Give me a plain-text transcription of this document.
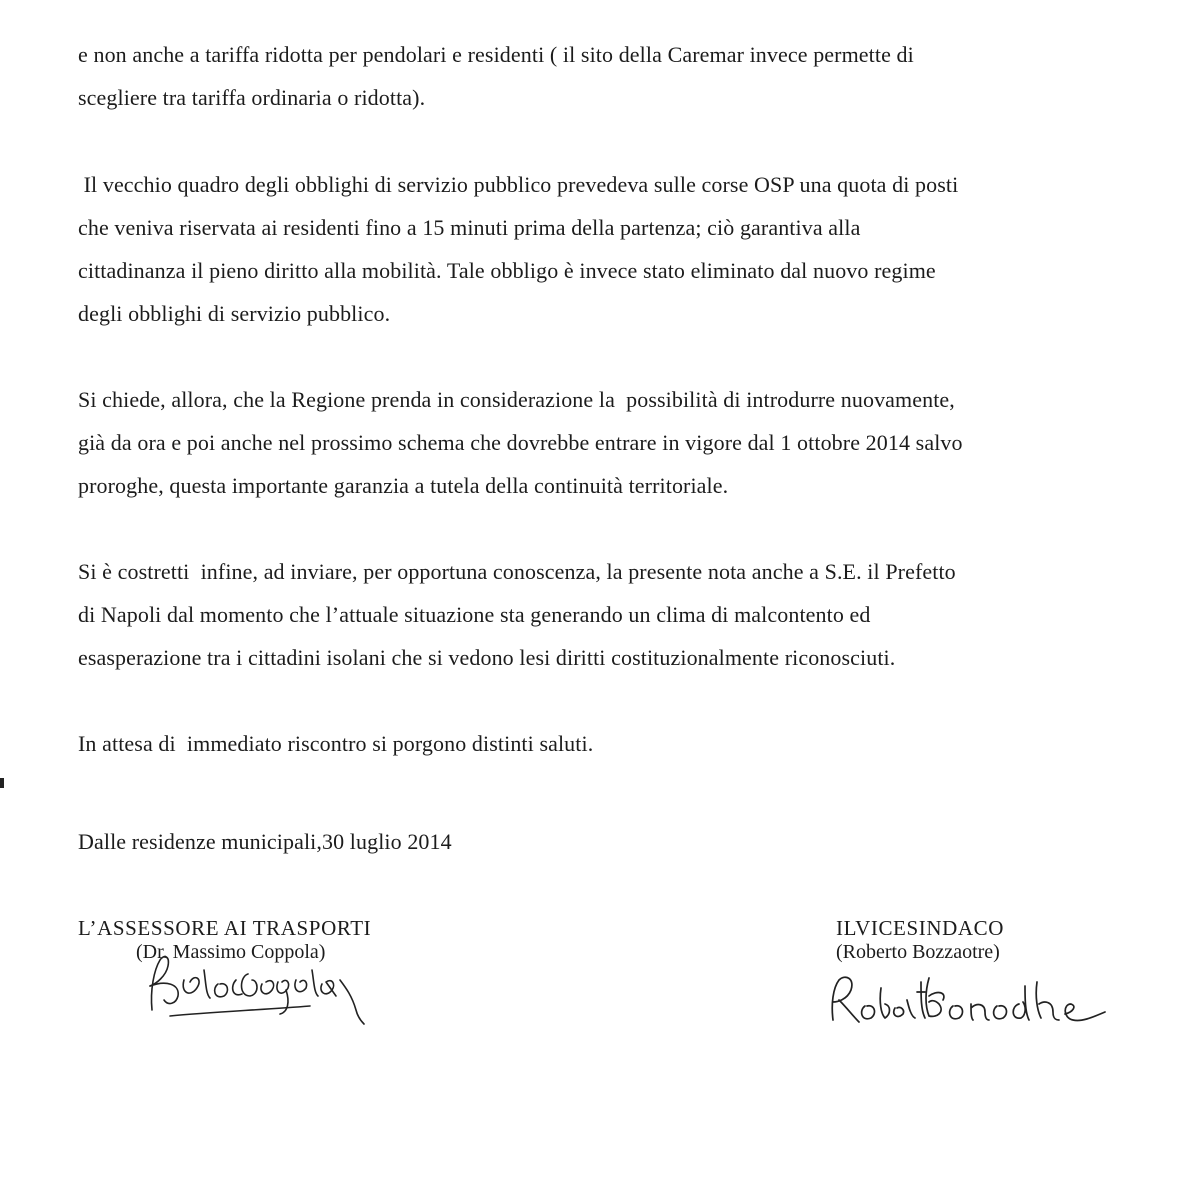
e non anche a tariffa ridotta per pendolari e residenti ( il sito della Caremar invece permette di
scegliere tra tariffa ordinaria o ridotta).

Il vecchio quadro degli obblighi di servizio pubblico prevedeva sulle corse OSP una quota di posti
che veniva riservata ai residenti fino a 15 minuti prima della partenza; ciò garantiva alla
cittadinanza il pieno diritto alla mobilità. Tale obbligo è invece stato eliminato dal nuovo regime
degli obblighi di servizio pubblico.

Si chiede, allora, che la Regione prenda in considerazione la  possibilità di introdurre nuovamente,
già da ora e poi anche nel prossimo schema che dovrebbe entrare in vigore dal 1 ottobre 2014 salvo
proroghe, questa importante garanzia a tutela della continuità territoriale.

Si è costretti  infine, ad inviare, per opportuna conoscenza, la presente nota anche a S.E. il Prefetto
di Napoli dal momento che l’attuale situazione sta generando un clima di malcontento ed
esasperazione tra i cittadini isolani che si vedono lesi diritti costituzionalmente riconosciuti.

In attesa di  immediato riscontro si porgono distinti saluti.

Dalle residenze municipali,30 luglio 2014

L’ASSESSORE AI TRASPORTI
(Dr. Massimo Coppola)
ILVICESINDACO
(Roberto Bozzaotre)
